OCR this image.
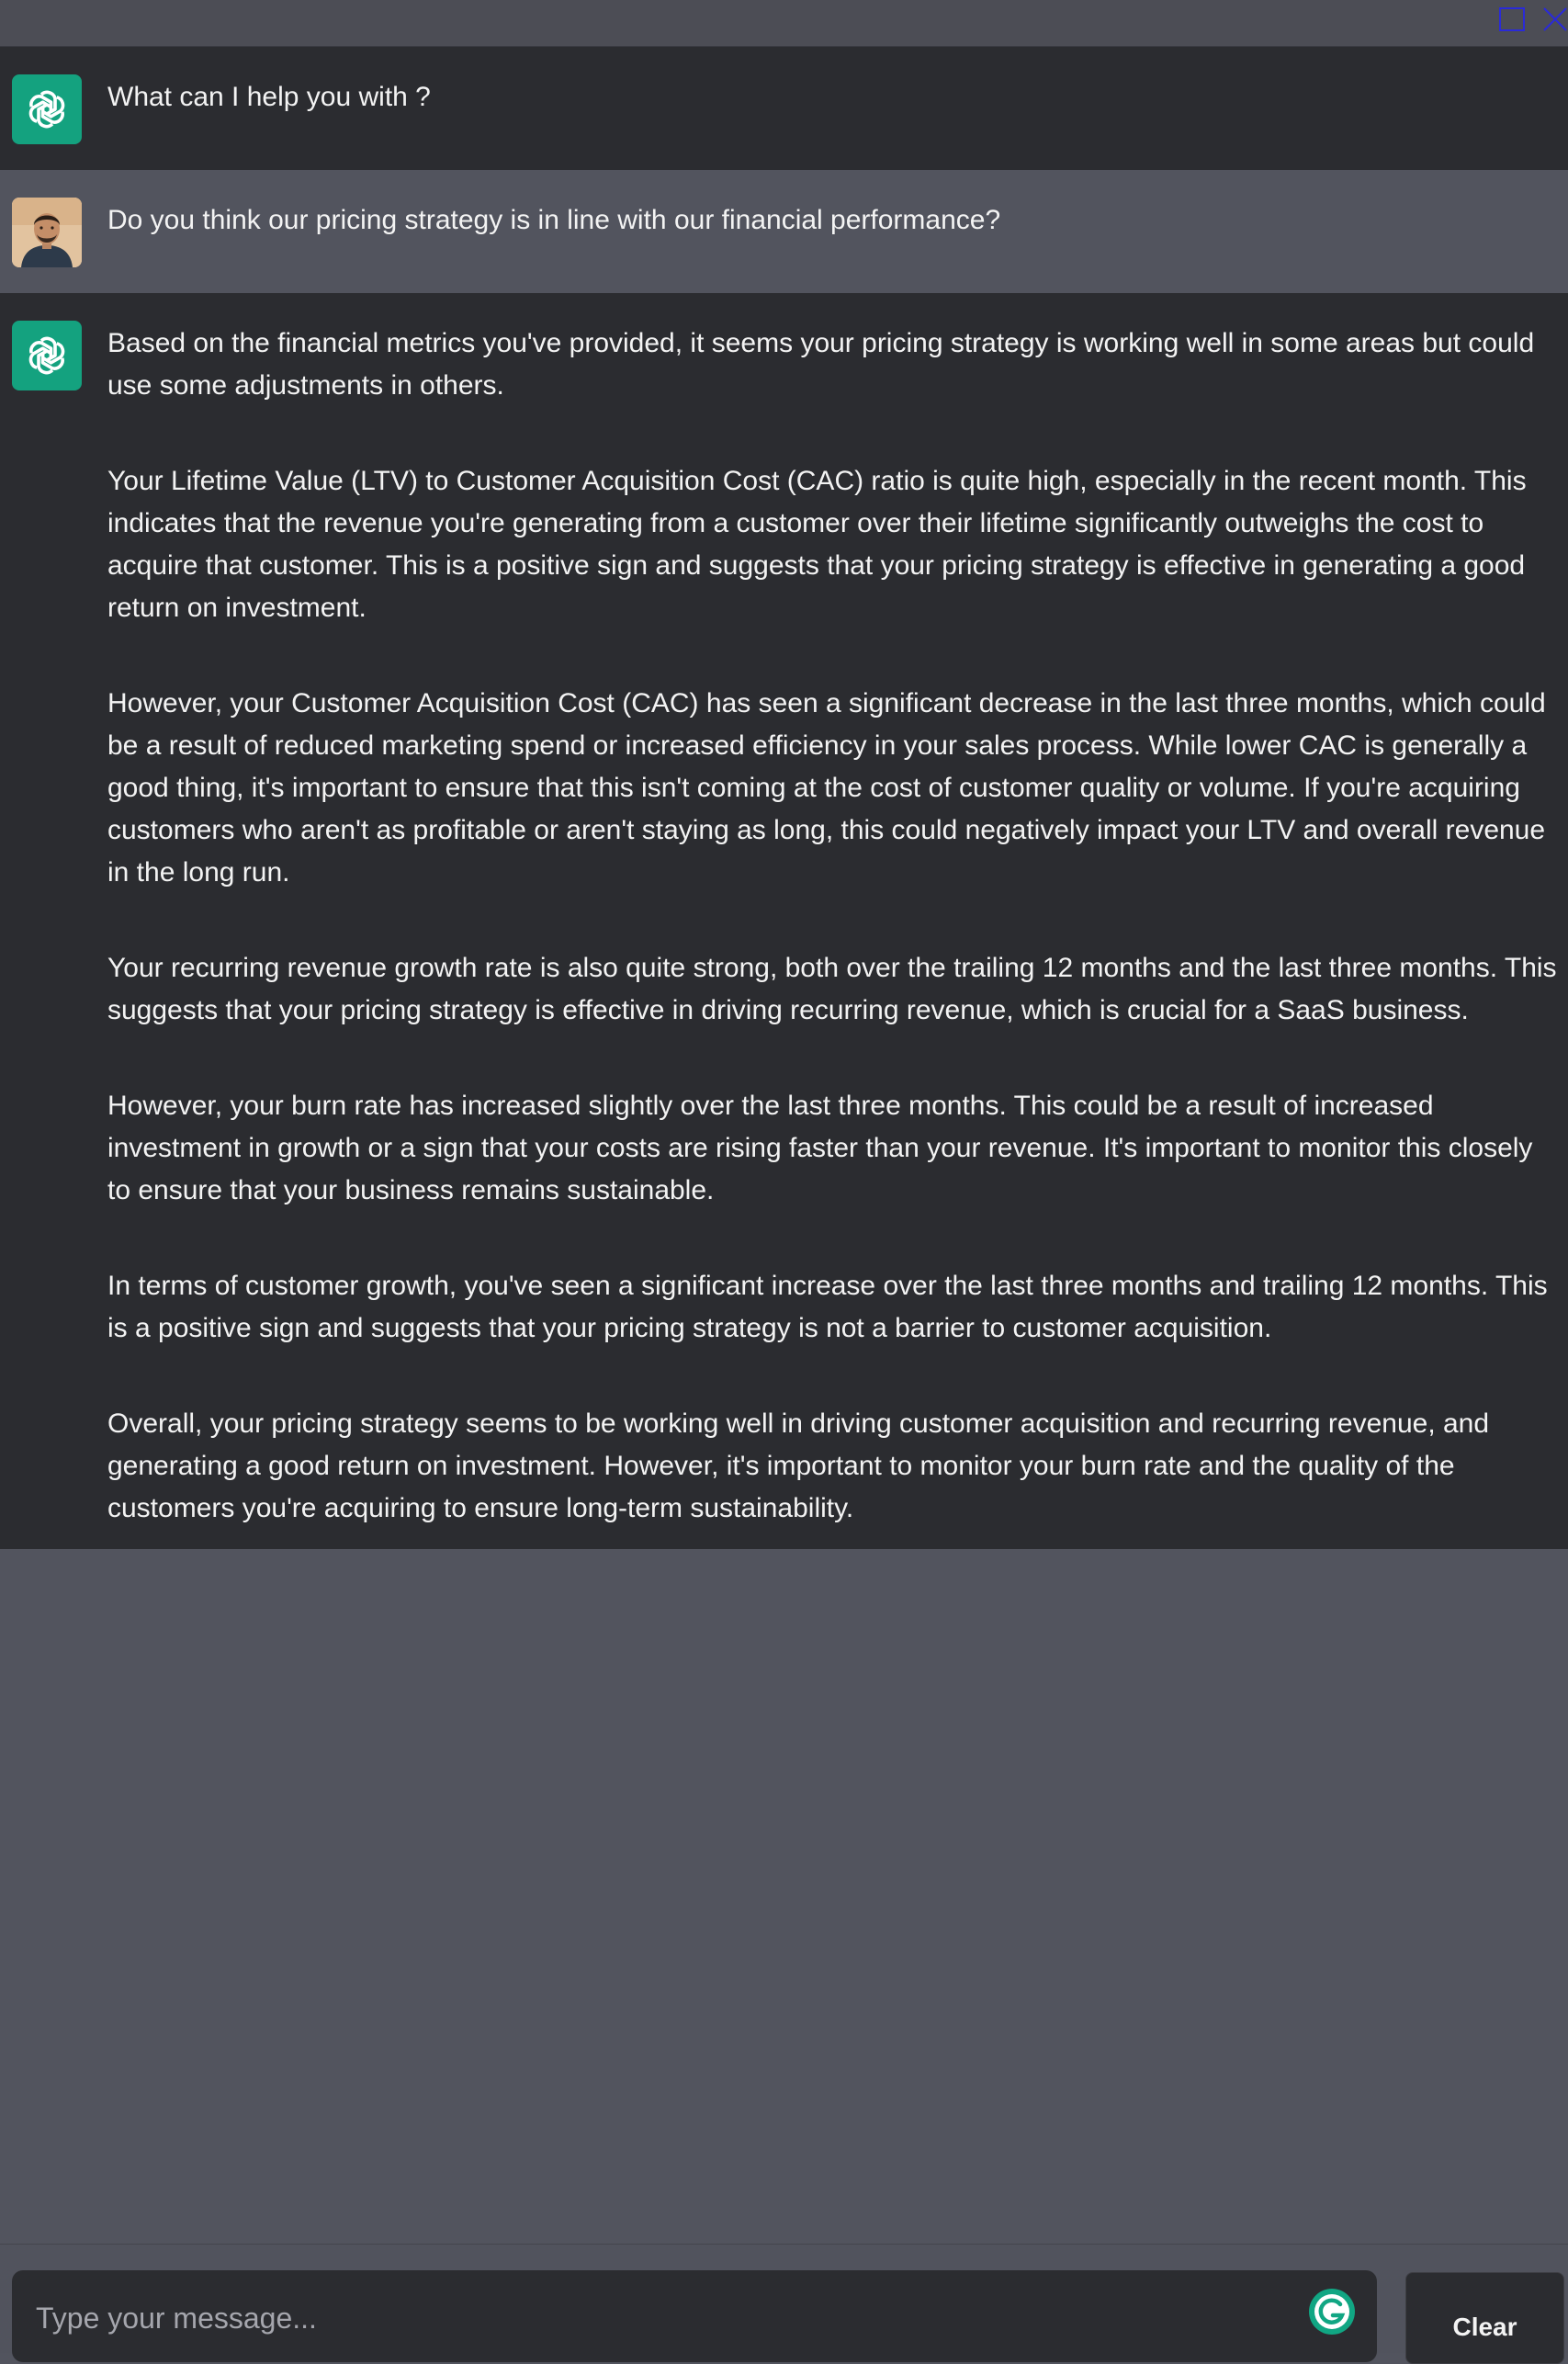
What can I help you with ?

Do you think our pricing strategy is in line with our financial performance?

Based on the financial metrics you've provided, it seems your pricing strategy is working well in some areas but could use some adjustments in others.

Your Lifetime Value (LTV) to Customer Acquisition Cost (CAC) ratio is quite high, especially in the recent month. This indicates that the revenue you're generating from a customer over their lifetime significantly outweighs the cost to acquire that customer. This is a positive sign and suggests that your pricing strategy is effective in generating a good return on investment.

However, your Customer Acquisition Cost (CAC) has seen a significant decrease in the last three months, which could be a result of reduced marketing spend or increased efficiency in your sales process. While lower CAC is generally a good thing, it's important to ensure that this isn't coming at the cost of customer quality or volume. If you're acquiring customers who aren't as profitable or aren't staying as long, this could negatively impact your LTV and overall revenue in the long run.

Your recurring revenue growth rate is also quite strong, both over the trailing 12 months and the last three months. This suggests that your pricing strategy is effective in driving recurring revenue, which is crucial for a SaaS business.

However, your burn rate has increased slightly over the last three months. This could be a result of increased investment in growth or a sign that your costs are rising faster than your revenue. It's important to monitor this closely to ensure that your business remains sustainable.

In terms of customer growth, you've seen a significant increase over the last three months and trailing 12 months. This is a positive sign and suggests that your pricing strategy is not a barrier to customer acquisition.

Overall, your pricing strategy seems to be working well in driving customer acquisition and recurring revenue, and generating a good return on investment. However, it's important to monitor your burn rate and the quality of the customers you're acquiring to ensure long-term sustainability.

Type your message...
Clear
